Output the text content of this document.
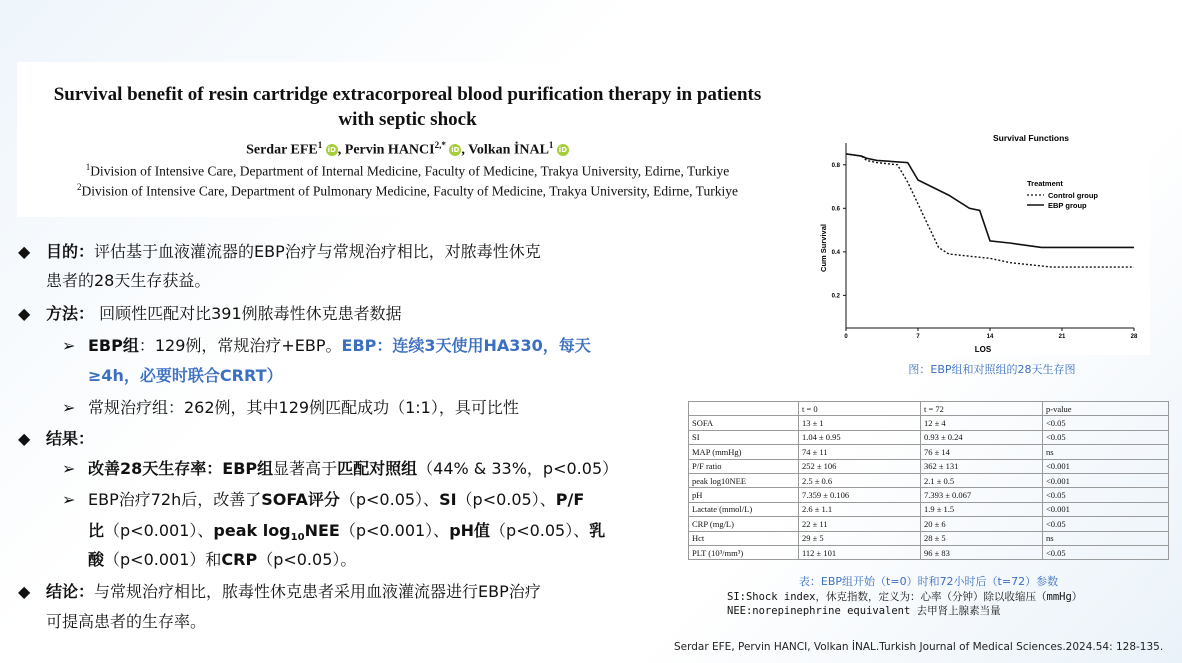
Survival benefit of resin cartridge extracorporeal blood purification therapy in patients
with septic shock
Serdar EFE$^1$ iD , Pervin $HANCI^{2,*}$ iD , Volkan İNAL$^1$ iD
$^1$Division of Intensive Care, Department of Internal Medicine, Faculty of Medicine, Trakya University, Edirne, Turkiye
$^2$Division of Intensive Care, Department of Pulmonary Medicine, Faculty of Medicine, Trakya University, Edirne, Turkiye
◆ 目的：评估基于血液灌流器的EBP治疗与常规治疗相比，对脓毒性休克
患者的28天生存获益。
◆ 方法： 回顾性匹配对比391例脓毒性休克患者数据
➢ EBP组：129例，常规治疗+EBP。EBP：连续3天使用HA330，每天
≥4h，必要时联合CRRT）
➢ 常规治疗组：262例，其中129例匹配成功（1:1），具可比性
◆ 结果：
➢ 改善28天生存率：EBP组显著高于匹配对照组（44% & 33%，p<0.05）
➢ EBP治疗72h后，改善了SOFA评分（p<0.05）、SI（p<0.05）、P/F
比（p<0.001）、peak $\log_{10}NEE(p<0.001)$、pH值（p<0.05）、乳
酸（p<0.001）和CRP（p<0.05）。
◆ 结论：与常规治疗相比，脓毒性休克患者采用血液灌流器进行EBP治疗
可提高患者的生存率。
Survival Functions
LOS
Cum Survival
Treatment
Control group
EBP group
0	7	14	21	28
0.2
0.4
0.6
0.8
图：EBP组和对照组的28天生存图
	t = 0	t = 72	p-value
SOFA	13 ± 1	12 ± 4	<0.05
SI	1.04 ± 0.95	0.93 ± 0.24	<0.05
MAP (mmHg)	74 ± 11	76 ± 14	ns
P/F ratio	252 ± 106	362 ± 131	<0.001
peak log10NEE	2.5 ± 0.6	2.1 ± 0.5	<0.001
pH	7.359 ± 0.106	7.393 ± 0.067	<0.05
Lactate (mmol/L)	2.6 ± 1.1	1.9 ± 1.5	<0.001
CRP (mg/L)	22 ± 11	20 ± 6	<0.05
Hct	29 ± 5	28 ± 5	ns
PLT (10³/mm³)	112 ± 101	96 ± 83	<0.05
表：EBP组开始（t=0）时和72小时后（t=72）参数
SI:Shock index，休克指数，定义为：心率（分钟）除以收缩压（mmHg）
NEE:norepinephrine equivalent 去甲肾上腺素当量
Serdar EFE, Pervin HANCI, Volkan İNAL.Turkish Journal of Medical Sciences.2024.54: 128-135.
